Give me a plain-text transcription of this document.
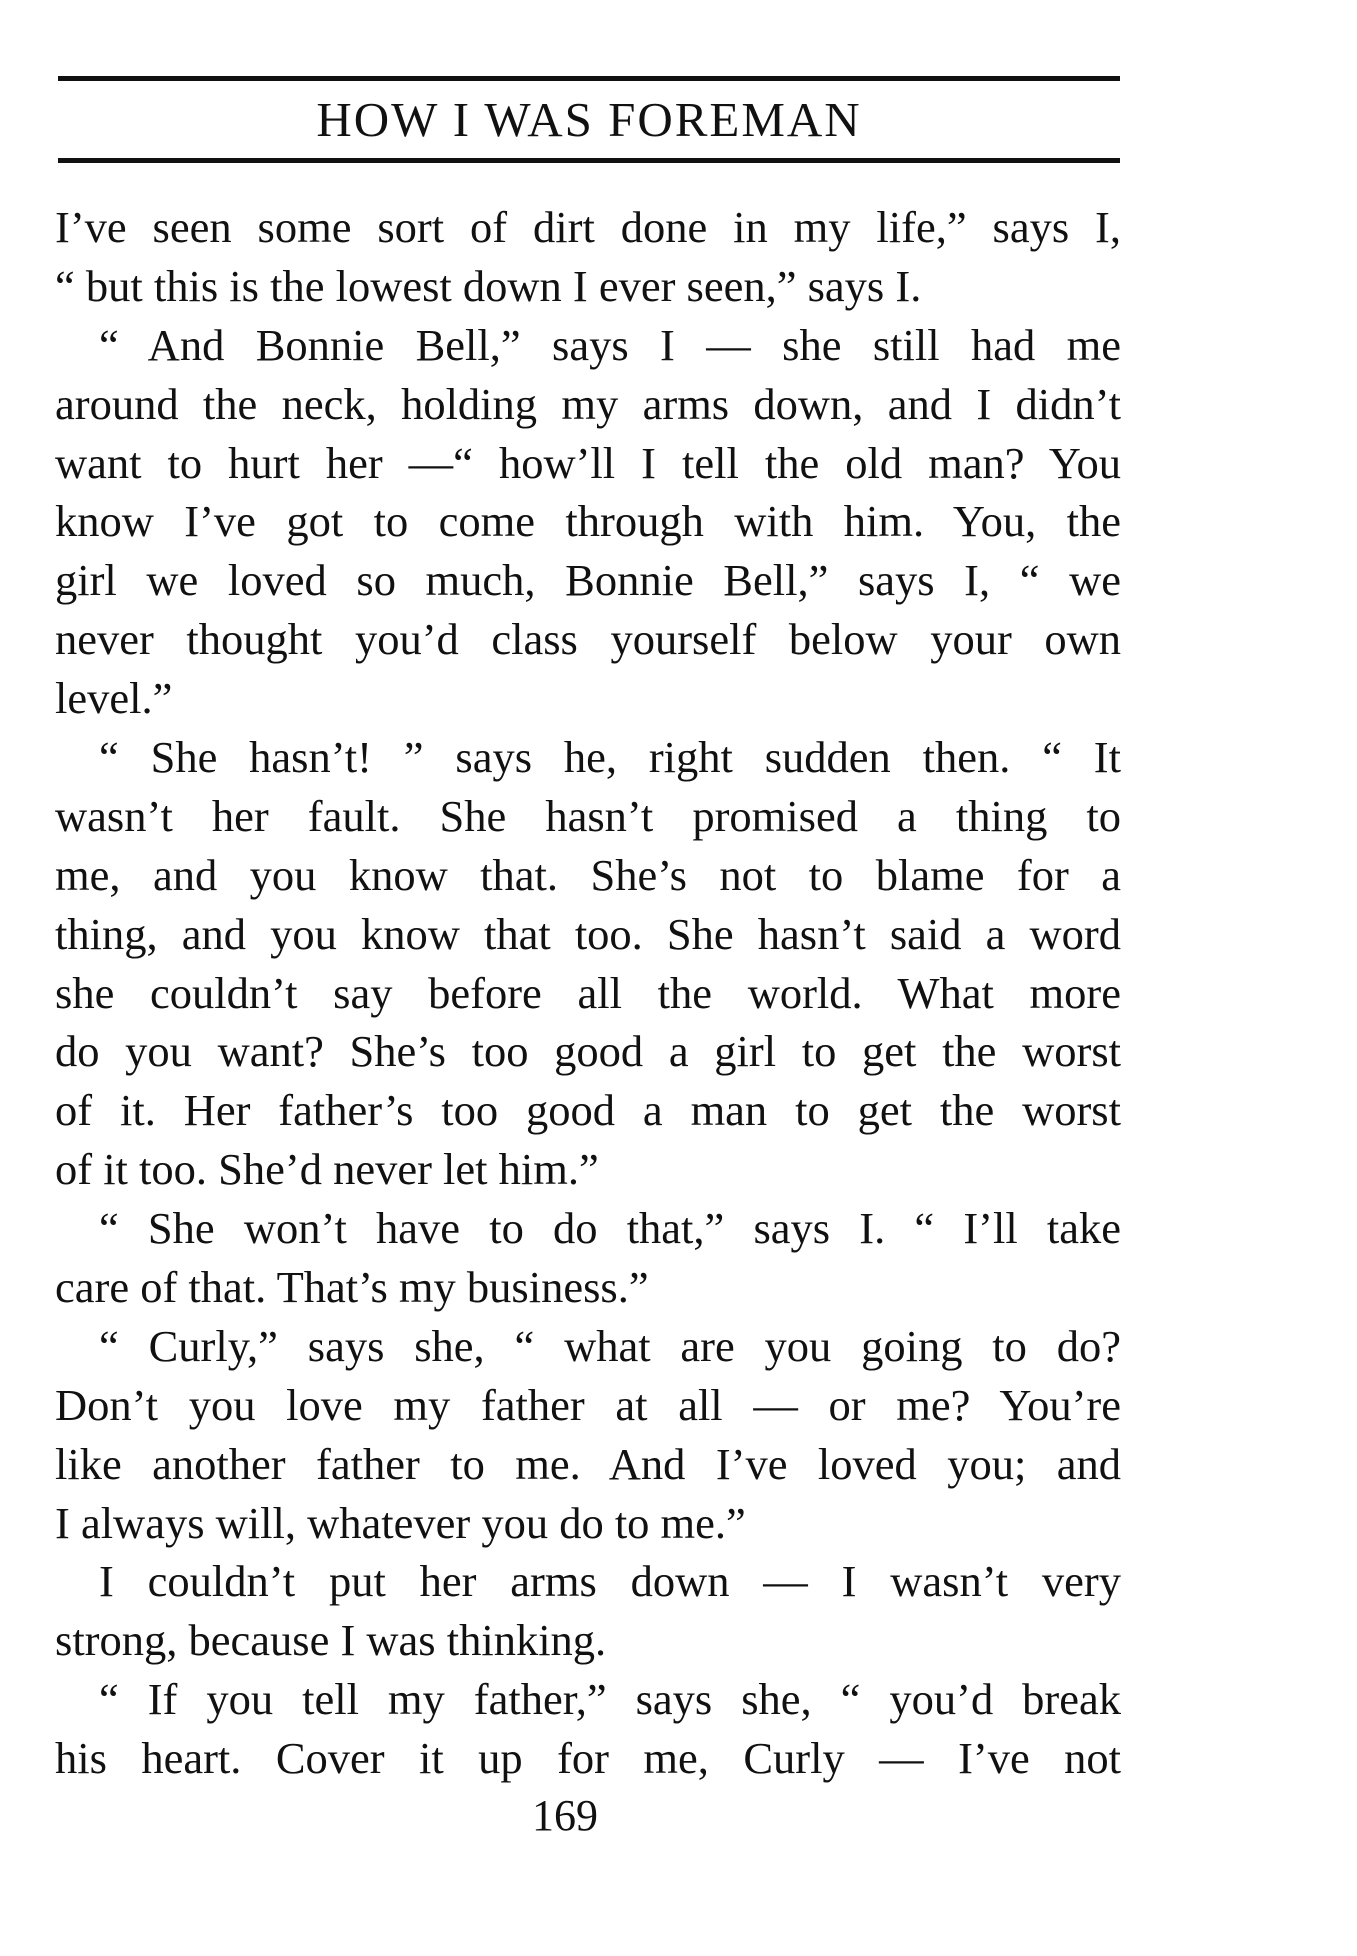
HOW I WAS FOREMAN
I’ve seen some sort of dirt done in my life,” says I,
“ but this is the lowest down I ever seen,” says I.
“ And Bonnie Bell,” says I — she still had me
around the neck, holding my arms down, and I didn’t
want to hurt her —“ how’ll I tell the old man? You
know I’ve got to come through with him. You, the
girl we loved so much, Bonnie Bell,” says I, “ we
never thought you’d class yourself below your own
level.”
“ She hasn’t! ” says he, right sudden then. “ It
wasn’t her fault. She hasn’t promised a thing to
me, and you know that. She’s not to blame for a
thing, and you know that too. She hasn’t said a word
she couldn’t say before all the world. What more
do you want? She’s too good a girl to get the worst
of it. Her father’s too good a man to get the worst
of it too. She’d never let him.”
“ She won’t have to do that,” says I. “ I’ll take
care of that. That’s my business.”
“ Curly,” says she, “ what are you going to do?
Don’t you love my father at all — or me? You’re
like another father to me. And I’ve loved you; and
I always will, whatever you do to me.”
I couldn’t put her arms down — I wasn’t very
strong, because I was thinking.
“ If you tell my father,” says she, “ you’d break
his heart. Cover it up for me, Curly — I’ve not
169
